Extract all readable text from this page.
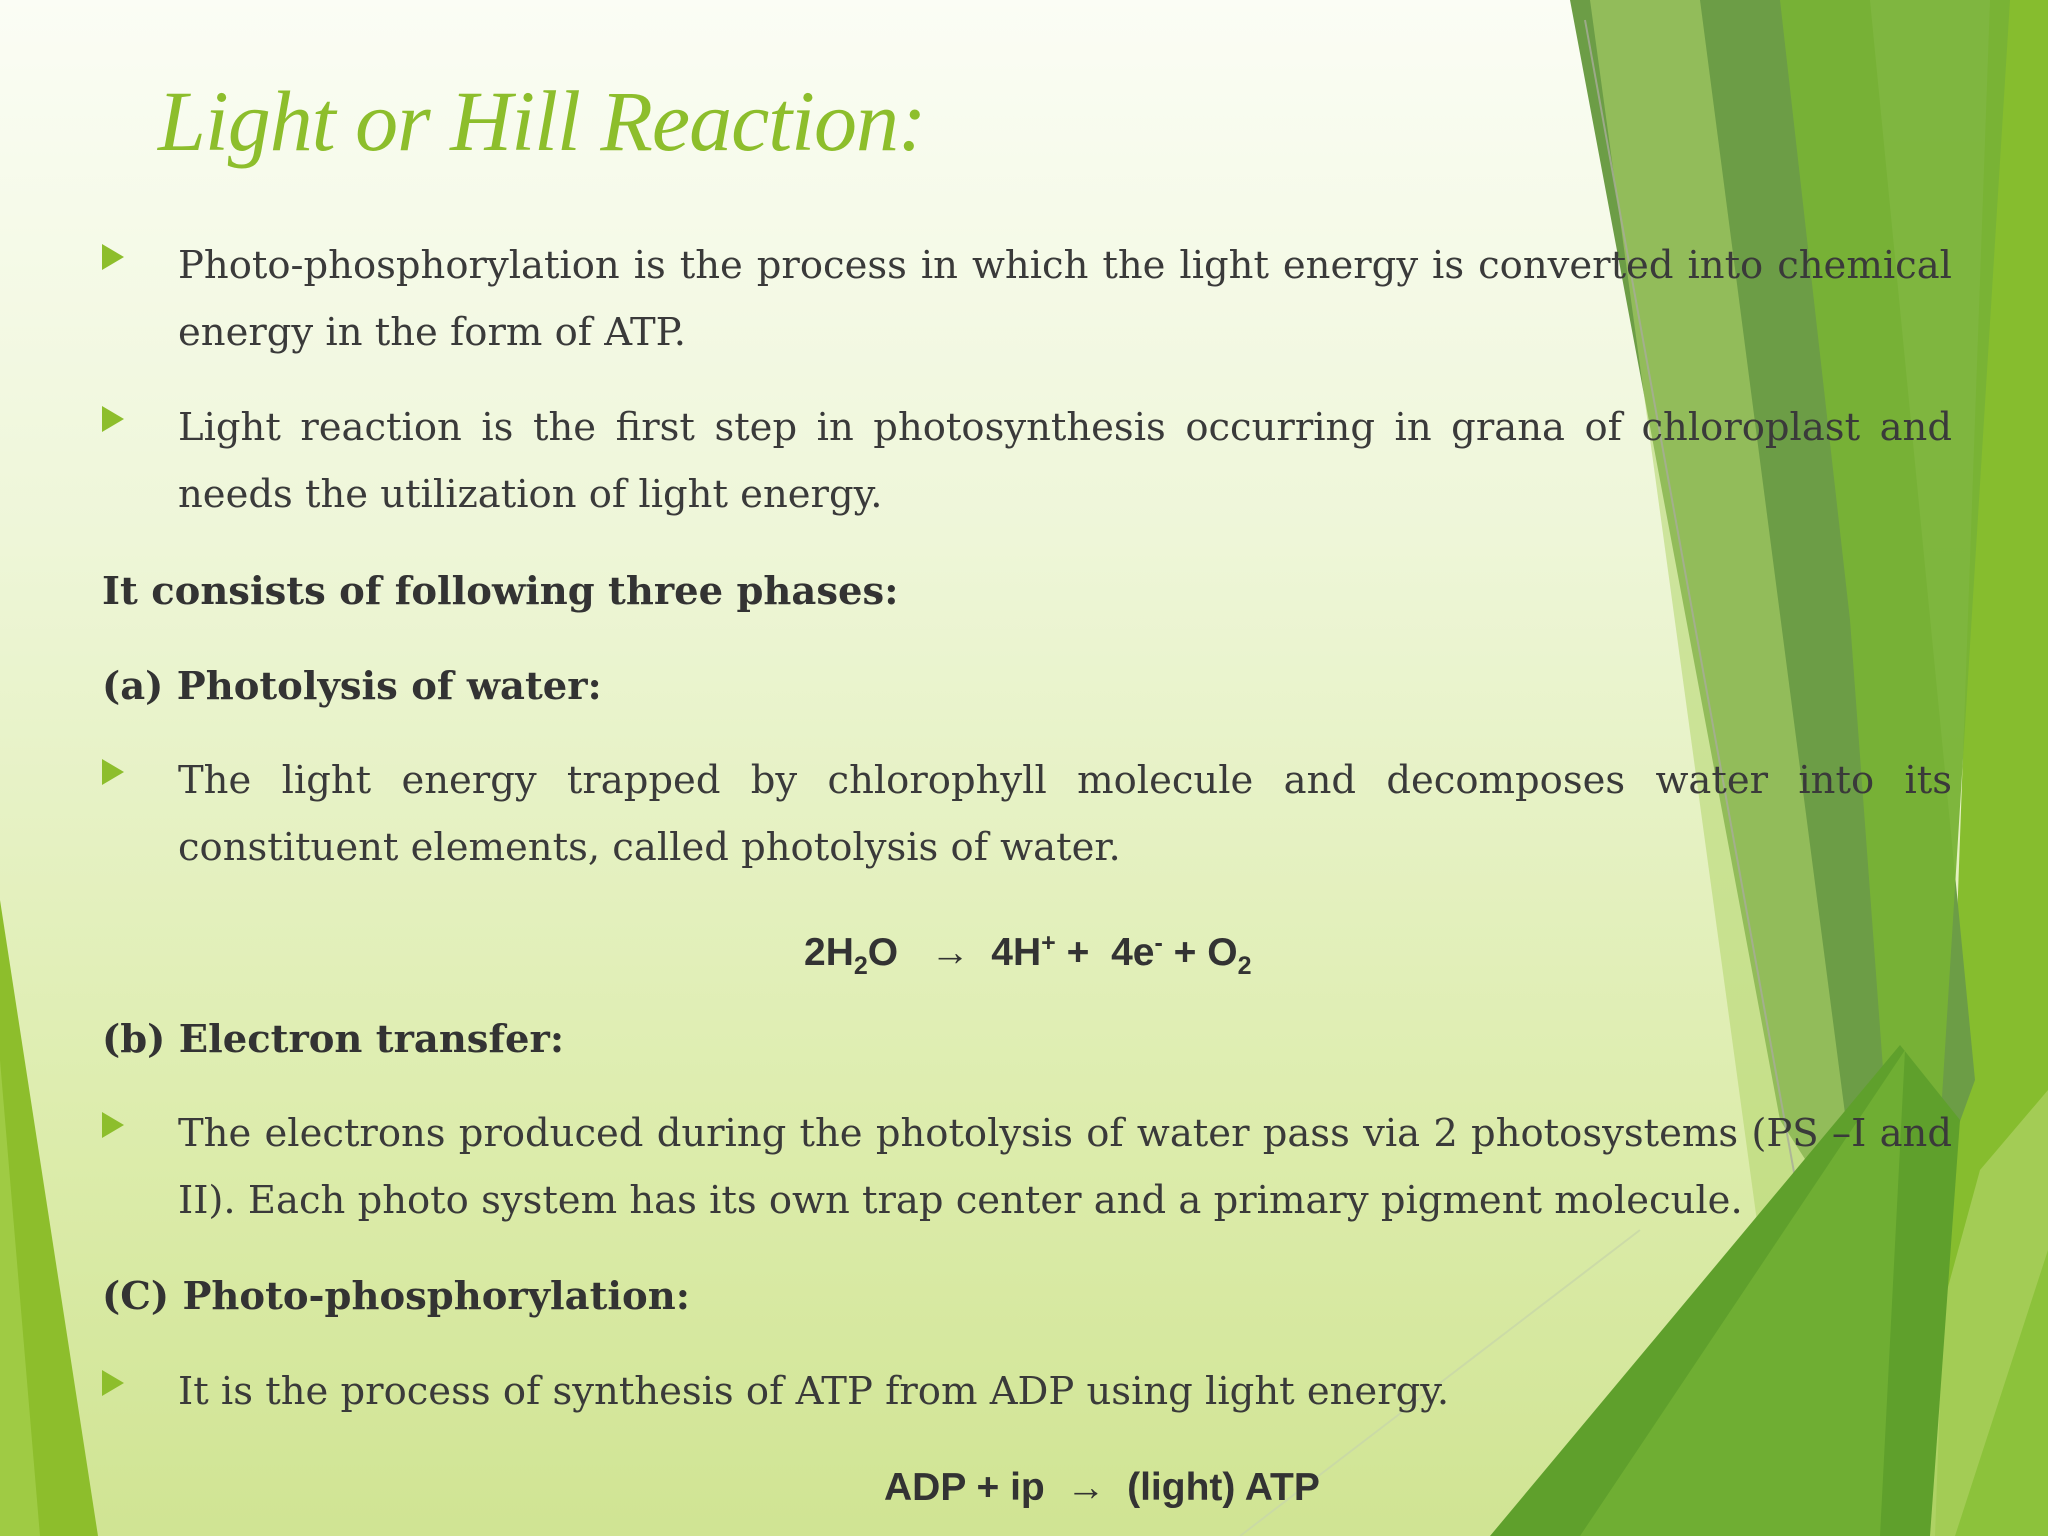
Light or Hill Reaction:
Photo-phosphorylation is the process in which the light energy is converted into chemical energy in the form of ATP.
Light reaction is the first step in photosynthesis occurring in grana of chloroplast and needs the utilization of light energy.
It consists of following three phases:
(a) Photolysis of water:
The light energy trapped by chlorophyll molecule and decomposes water into its constituent elements, called photolysis of water.
$2H_2O \to 4H^+ + 4e^- + O_2$
(b) Electron transfer:
The electrons produced during the photolysis of water pass via 2 photosystems (PS –I and II). Each photo system has its own trap center and a primary pigment molecule.
(C) Photo-phosphorylation:
It is the process of synthesis of ATP from ADP using light energy.
ADP + ip → (light) ATP
